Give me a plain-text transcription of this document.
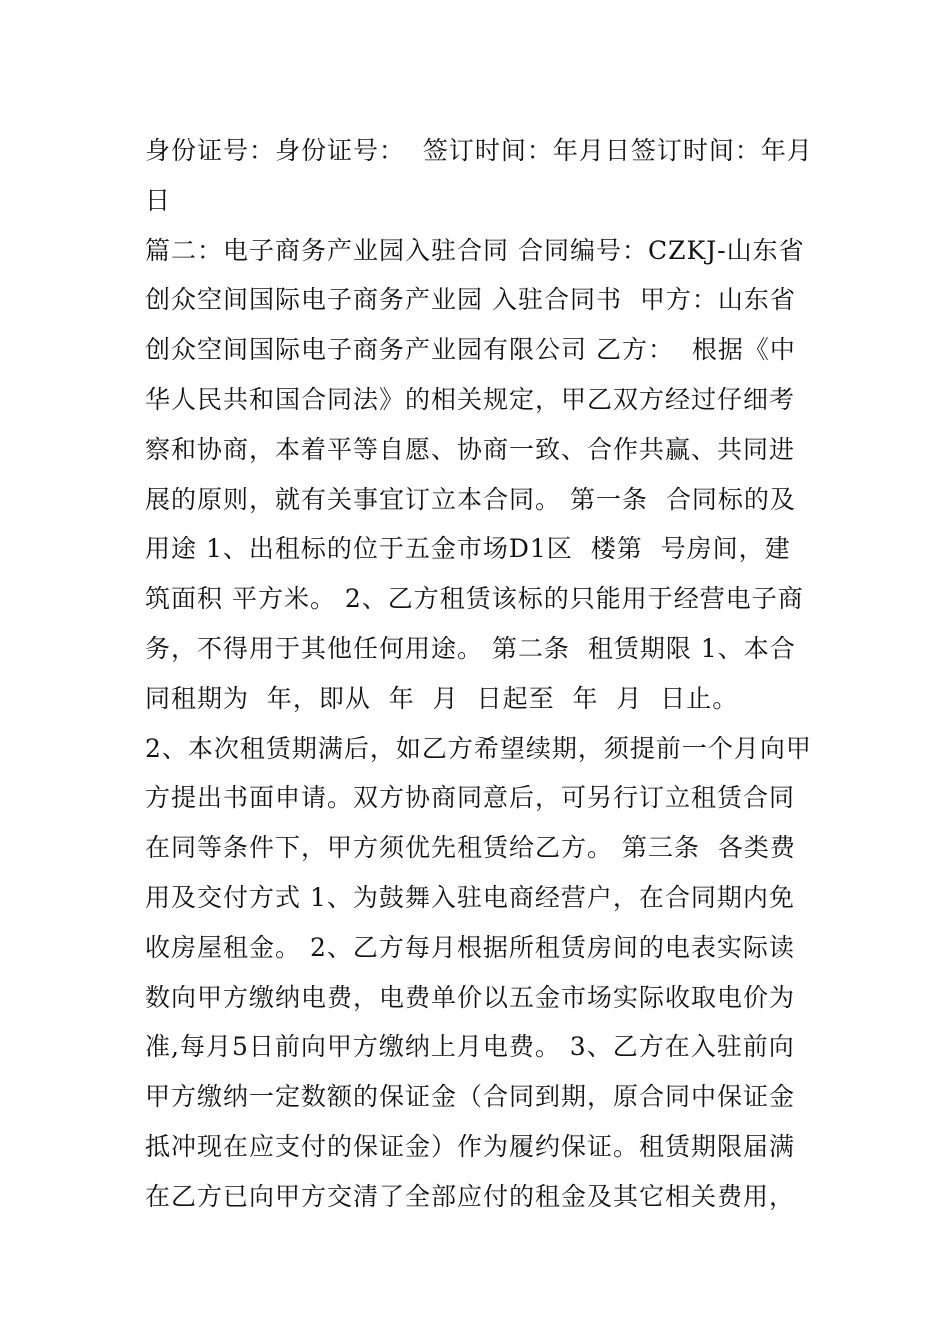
身份证号：身份证号：  签订时间：年月日签订时间：年月
日
篇二：电子商务产业园入驻合同 合同编号：CZKJ-山东省
创众空间国际电子商务产业园 入驻合同书  甲方：山东省
创众空间国际电子商务产业园有限公司 乙方：  根据《中
华人民共和国合同法》的相关规定，甲乙双方经过仔细考
察和协商，本着平等自愿、协商一致、合作共赢、共同进
展的原则，就有关事宜订立本合同。 第一条  合同标的及
用途 1、出租标的位于五金市场D1区  楼第  号房间，建
筑面积 平方米。 2、乙方租赁该标的只能用于经营电子商
务，不得用于其他任何用途。 第二条  租赁期限 1、本合
同租期为  年，即从  年  月  日起至  年  月  日止。
2、本次租赁期满后，如乙方希望续期，须提前一个月向甲
方提出书面申请。双方协商同意后，可另行订立租赁合同
在同等条件下，甲方须优先租赁给乙方。 第三条  各类费
用及交付方式 1、为鼓舞入驻电商经营户，在合同期内免
收房屋租金。 2、乙方每月根据所租赁房间的电表实际读
数向甲方缴纳电费，电费单价以五金市场实际收取电价为
准,每月5日前向甲方缴纳上月电费。 3、乙方在入驻前向
甲方缴纳一定数额的保证金（合同到期，原合同中保证金
抵冲现在应支付的保证金）作为履约保证。租赁期限届满
在乙方已向甲方交清了全部应付的租金及其它相关费用，
